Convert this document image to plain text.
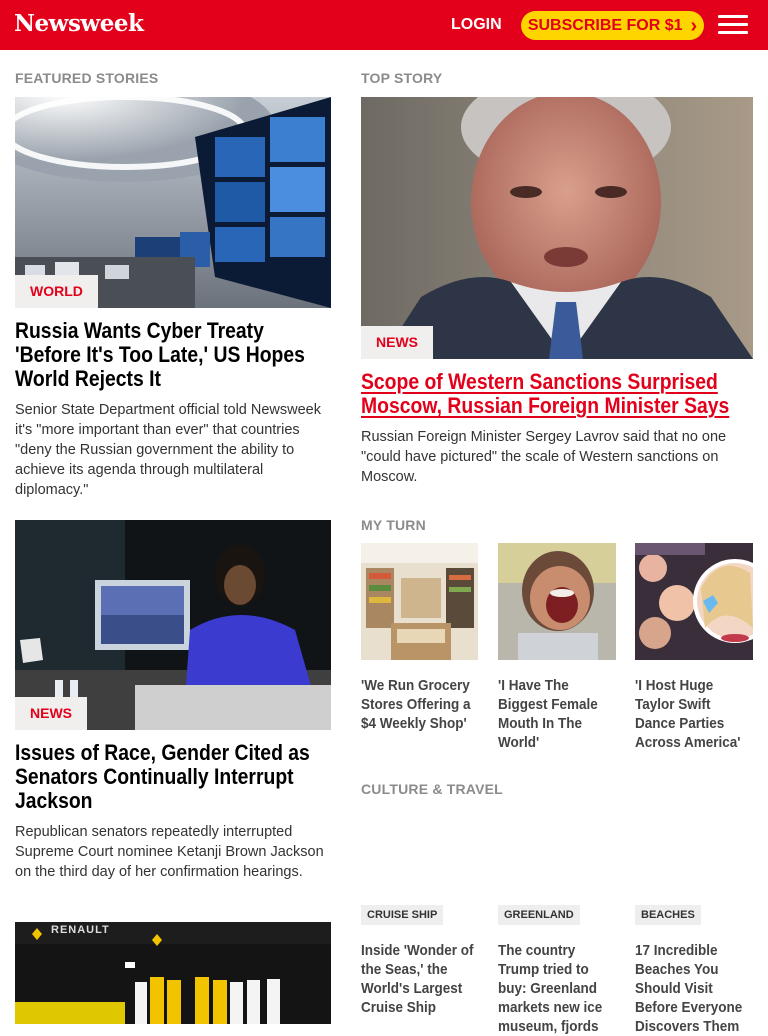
Newsweek	LOGIN SUBSCRIBE FOR $1 ›
FEATURED STORIES
WORLD
Russia Wants Cyber Treaty 'Before It's Too Late,' US Hopes World Rejects It
Senior State Department official told Newsweek it's "more important than ever" that countries "deny the Russian government the ability to achieve its agenda through multilateral diplomacy."
NEWS
Issues of Race, Gender Cited as Senators Continually Interrupt Jackson
Republican senators repeatedly interrupted Supreme Court nominee Ketanji Brown Jackson on the third day of her confirmation hearings.
RENAULT
TOP STORY
NEWS
Scope of Western Sanctions Surprised Moscow, Russian Foreign Minister Says
Russian Foreign Minister Sergey Lavrov said that no one "could have pictured" the scale of Western sanctions on Moscow.
MY TURN
'We Run Grocery Stores Offering a $4 Weekly Shop'
'I Have The Biggest Female Mouth In The World'
'I Host Huge Taylor Swift Dance Parties Across America'
CULTURE & TRAVEL
CRUISE SHIP	GREENLAND	BEACHES
Inside 'Wonder of the Seas,' the World's Largest Cruise Ship
The country Trump tried to buy: Greenland markets new ice museum, fjords
17 Incredible Beaches You Should Visit Before Everyone Discovers Them
